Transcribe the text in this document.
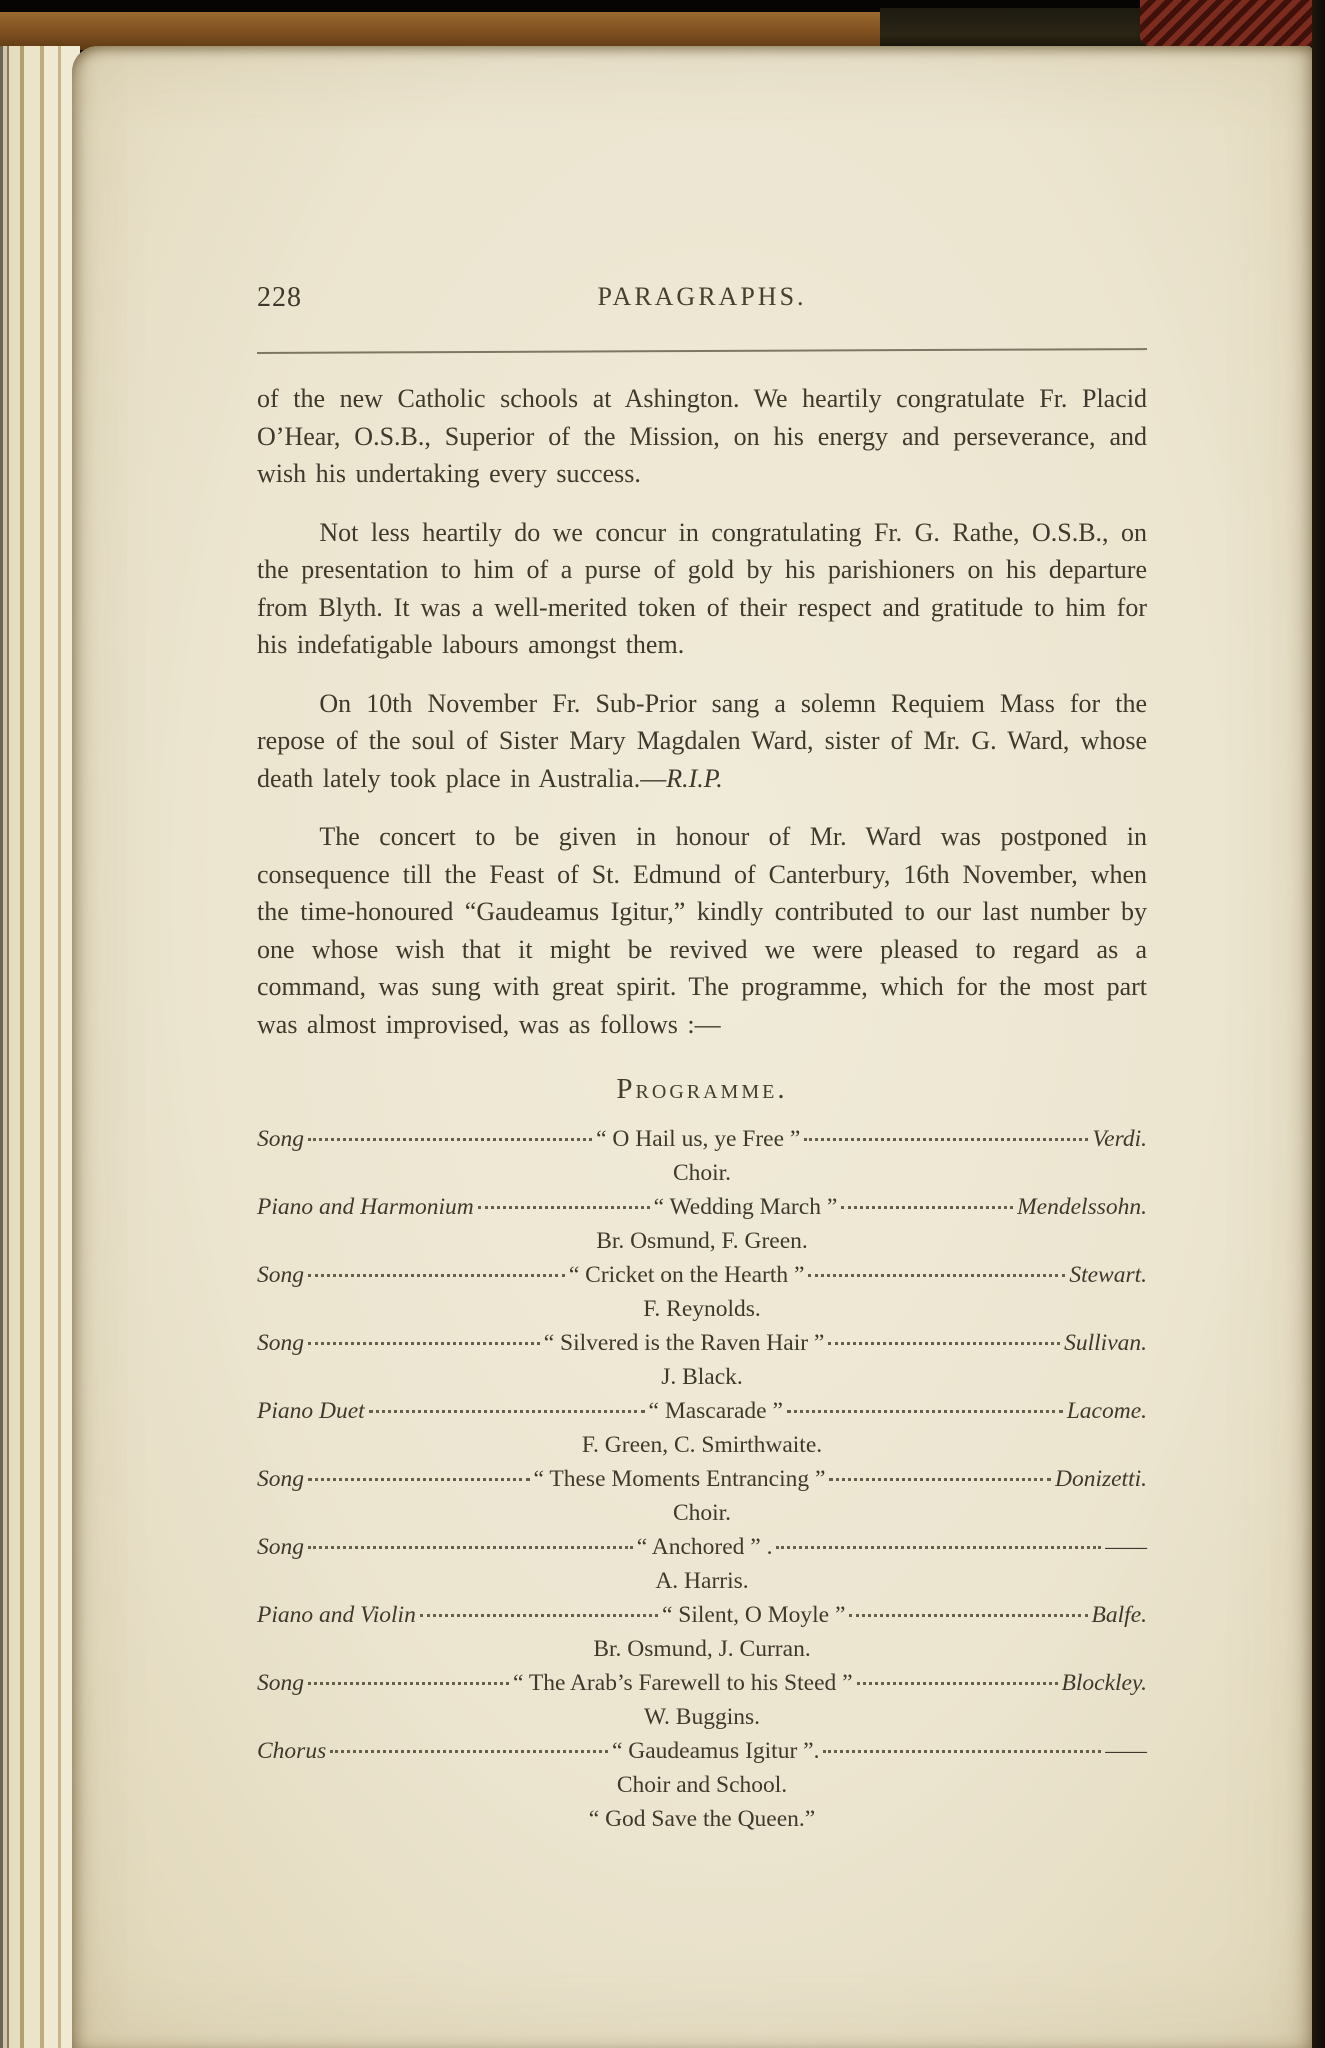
228	PARAGRAPHS.

of the new Catholic schools at Ashington. We heartily congratulate Fr. Placid O’Hear, O.S.B., Superior of the Mission, on his energy and perseverance, and wish his undertaking every success.

Not less heartily do we concur in congratulating Fr. G. Rathe, O.S.B., on the presentation to him of a purse of gold by his parishioners on his departure from Blyth. It was a well-merited token of their respect and gratitude to him for his indefatigable labours amongst them.

On 10th November Fr. Sub-Prior sang a solemn Requiem Mass for the repose of the soul of Sister Mary Magdalen Ward, sister of Mr. G. Ward, whose death lately took place in Australia.—R.I.P.

The concert to be given in honour of Mr. Ward was postponed in consequence till the Feast of St. Edmund of Canterbury, 16th November, when the time-honoured “Gaudeamus Igitur,” kindly contributed to our last number by one whose wish that it might be revived we were pleased to regard as a command, was sung with great spirit. The programme, which for the most part was almost improvised, was as follows :—

Programme.
Song	“ O Hail us, ye Free ”	Verdi.
Choir.
Piano and Harmonium	“ Wedding March ”	Mendelssohn.
Br. Osmund, F. Green.
Song	“ Cricket on the Hearth ”	Stewart.
F. Reynolds.
Song	“ Silvered is the Raven Hair ”	Sullivan.
J. Black.
Piano Duet	“ Mascarade ”	Lacome.
F. Green, C. Smirthwaite.
Song	“ These Moments Entrancing ”	Donizetti.
Choir.
Song	“ Anchored ” .	——
A. Harris.
Piano and Violin	“ Silent, O Moyle ”	Balfe.
Br. Osmund, J. Curran.
Song	“ The Arab’s Farewell to his Steed ”	Blockley.
W. Buggins.
Chorus	“ Gaudeamus Igitur ”.	——
Choir and School.
“ God Save the Queen.”
